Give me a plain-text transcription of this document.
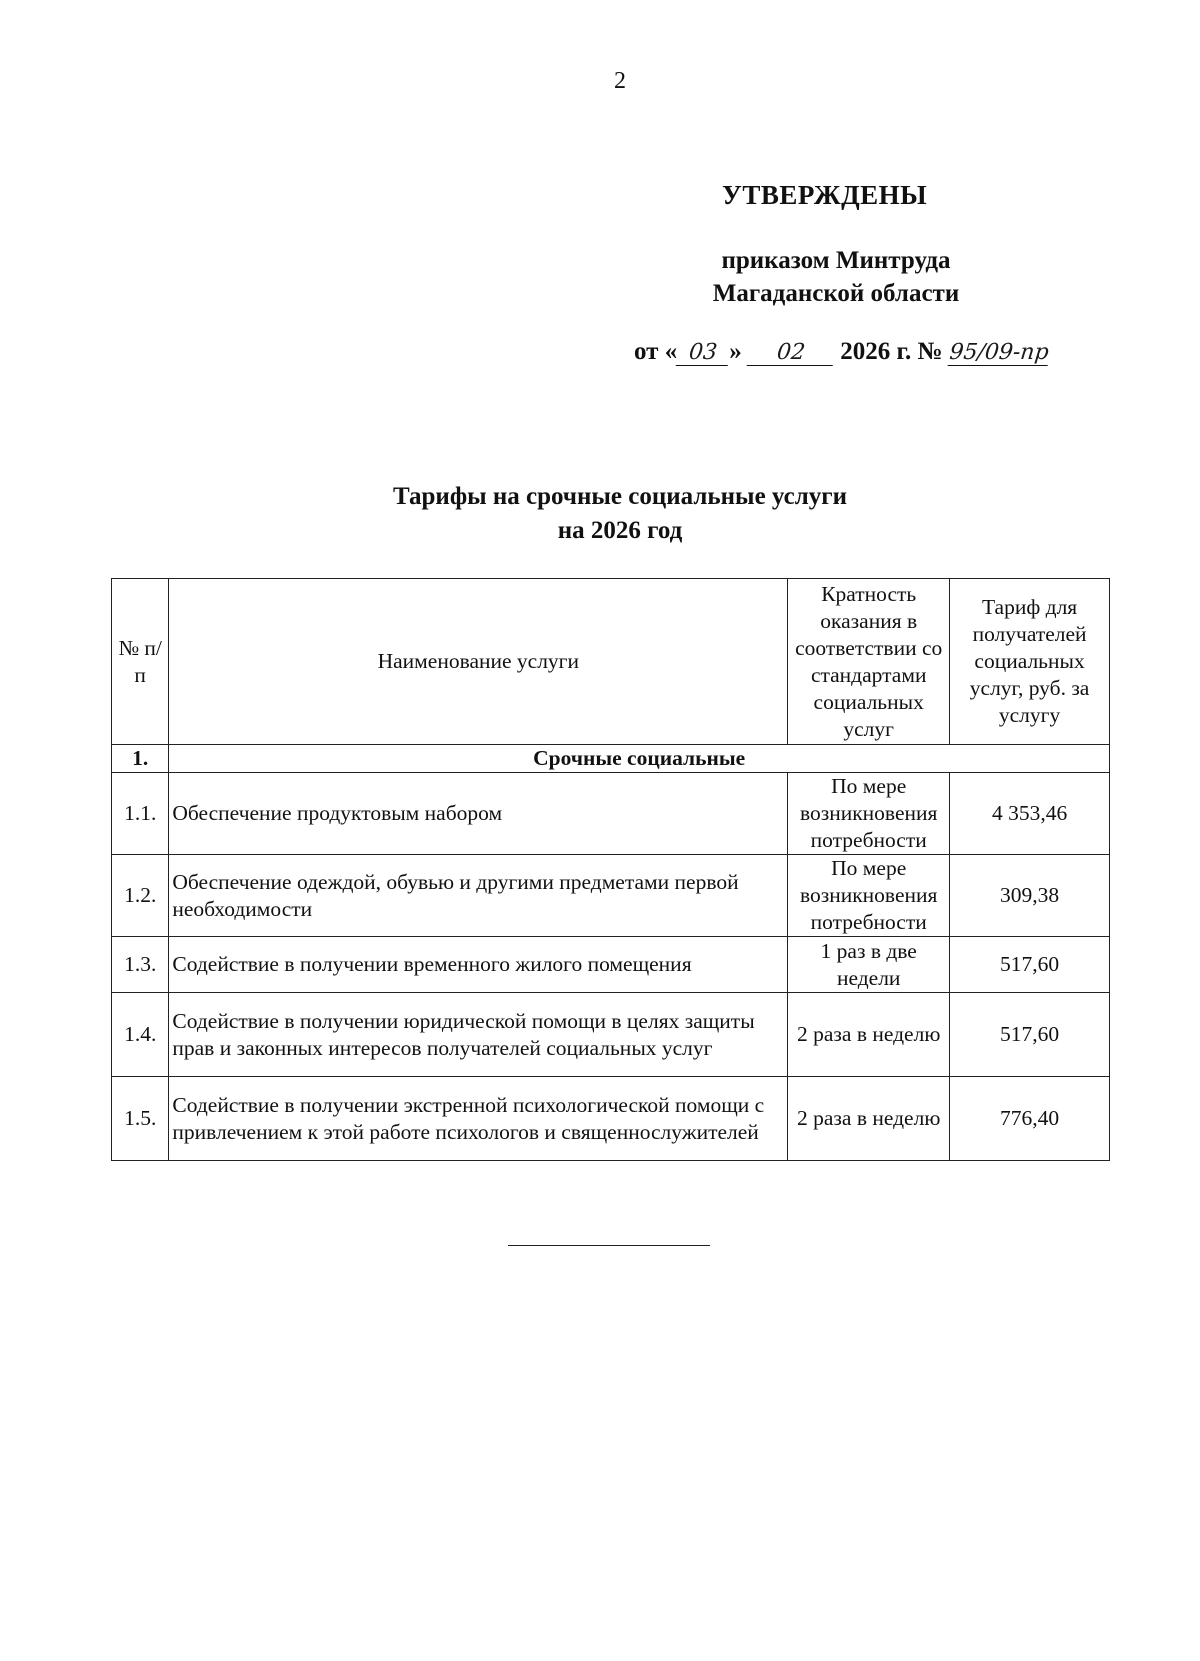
2
УТВЕРЖДЕНЫ
приказом Минтруда
Магаданской области
от « 03 » 02 2026 г. № 95/09-пр
Тарифы на срочные социальные услуги
на 2026 год
№ п/п	Наименование услуги	Кратность оказания в соответствии со стандартами социальных услуг	Тариф для получателей социальных услуг, руб. за услугу
1.	Срочные социальные		
1.1.	Обеспечение продуктовым набором	По мере возникновения потребности	4 353,46
1.2.	Обеспечение одеждой, обувью и другими предметами первой необходимости	По мере возникновения потребности	309,38
1.3.	Содействие в получении временного жилого помещения	1 раз в две недели	517,60
1.4.	Содействие в получении юридической помощи в целях защиты прав и законных интересов получателей социальных услуг	2 раза в неделю	517,60
1.5.	Содействие в получении экстренной психологической помощи с привлечением к этой работе психологов и священнослужителей	2 раза в неделю	776,40
